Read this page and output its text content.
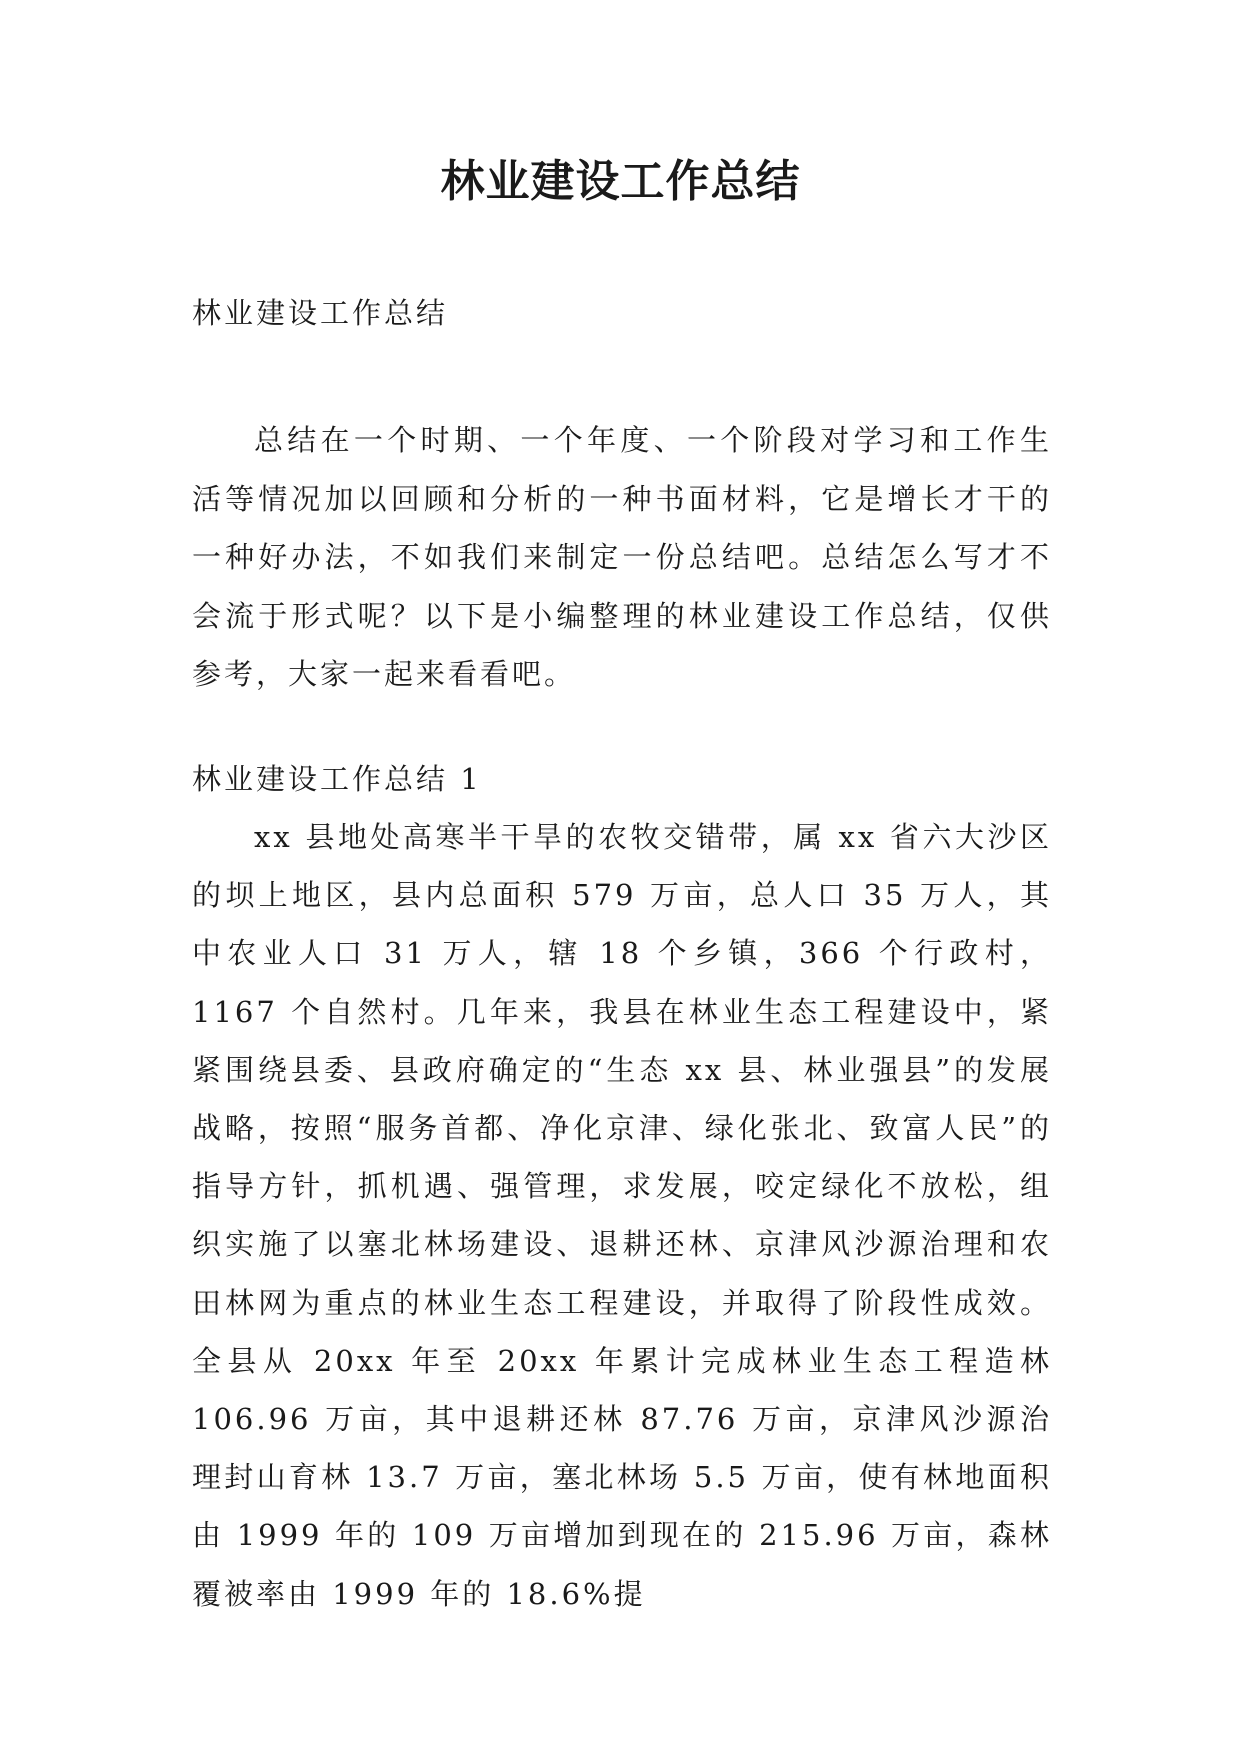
林业建设工作总结

林业建设工作总结

总结在一个时期、一个年度、一个阶段对学习和工作生活等情况加以回顾和分析的一种书面材料，它是增长才干的一种好办法，不如我们来制定一份总结吧。总结怎么写才不会流于形式呢？以下是小编整理的林业建设工作总结，仅供参考，大家一起来看看吧。

林业建设工作总结 1

xx 县地处高寒半干旱的农牧交错带，属 xx 省六大沙区的坝上地区，县内总面积 579 万亩，总人口 35 万人，其中农业人口 31 万人，辖 18 个乡镇，366 个行政村，1167 个自然村。几年来，我县在林业生态工程建设中，紧紧围绕县委、县政府确定的“生态 xx 县、林业强县”的发展战略，按照“服务首都、净化京津、绿化张北、致富人民”的指导方针，抓机遇、强管理，求发展，咬定绿化不放松，组织实施了以塞北林场建设、退耕还林、京津风沙源治理和农田林网为重点的林业生态工程建设，并取得了阶段性成效。全县从 20xx 年至 20xx 年累计完成林业生态工程造林 106.96 万亩，其中退耕还林 87.76 万亩，京津风沙源治理封山育林 13.7 万亩，塞北林场 5.5 万亩，使有林地面积由 1999 年的 109 万亩增加到现在的 215.96 万亩，森林覆被率由 1999 年的 18.6%提
